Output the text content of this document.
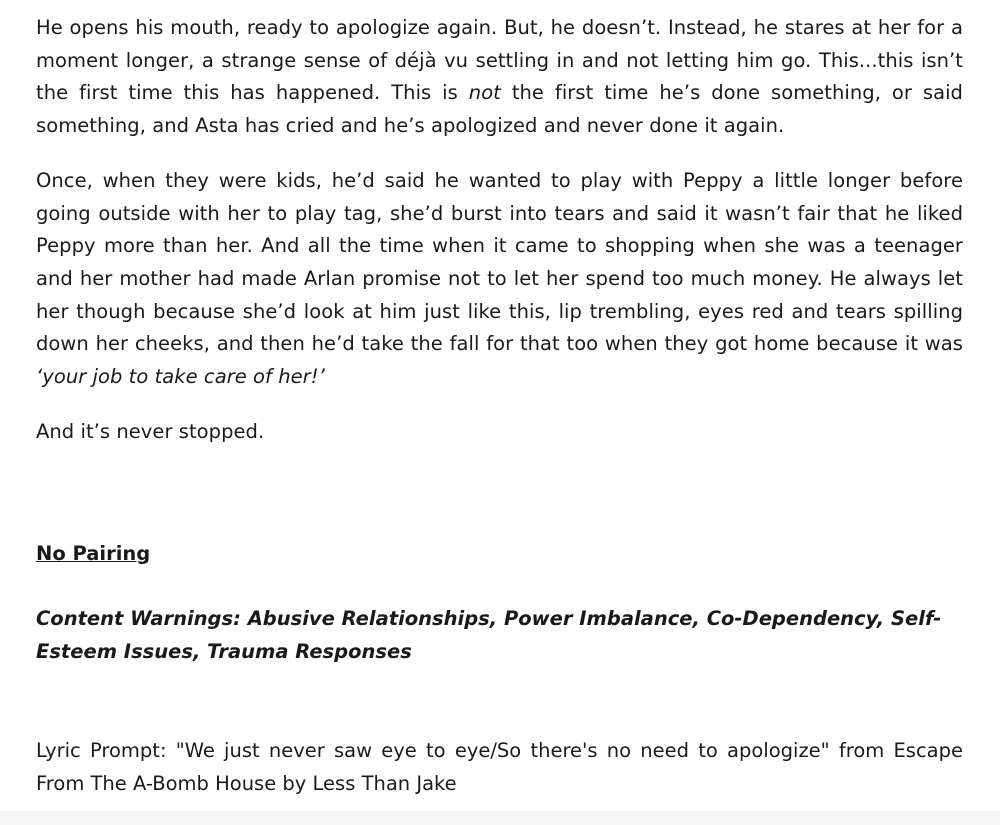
He opens his mouth, ready to apologize again. But, he doesn’t. Instead, he stares at her for a moment longer, a strange sense of déjà vu settling in and not letting him go. This...this isn’t the first time this has happened. This is not the first time he’s done something, or said something, and Asta has cried and he’s apologized and never done it again.

Once, when they were kids, he’d said he wanted to play with Peppy a little longer before going outside with her to play tag, she’d burst into tears and said it wasn’t fair that he liked Peppy more than her. And all the time when it came to shopping when she was a teenager and her mother had made Arlan promise not to let her spend too much money. He always let her though because she’d look at him just like this, lip trembling, eyes red and tears spilling down her cheeks, and then he’d take the fall for that too when they got home because it was ‘your job to take care of her!’

And it’s never stopped.

No Pairing
Content Warnings: Abusive Relationships, Power Imbalance, Co-Dependency, Self-Esteem Issues, Trauma Responses
Lyric Prompt: "We just never saw eye to eye/So there's no need to apologize" from Escape From The A-Bomb House by Less Than Jake
